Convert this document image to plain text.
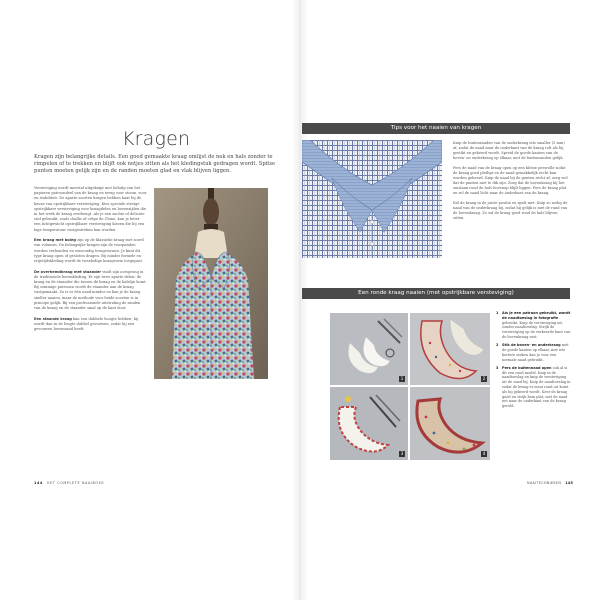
Kragen

Kragen zijn belangrijke details. Een goed gemaakte kraag omlijst de nek en hals zonder te rimpelen of te trekken en blijft ook netjes zitten als het kledingstuk gedragen wordt. Spitse punten moeten gelijk zijn en de randen moeten glad en vlak blijven liggen.

Versteviging wordt meestal uitgeknipt met behulp van het papieren patroondeel van de kraag en terug voor stoom, voor en stabiliteit. De aparte soorten kragen hebben baat bij de keuze van opstrijkbare versteviging. Kies speciale stevige opstrijkbare versteviging voor kraagdelen en bovenzijden die in het werk de kraag overbrugt. Als je een zachte of delicate stof gebruikt, zoals challis of crêpe de Chine, kun je beter een lichtgewicht opstrijkbare versteviging kiezen die bij een lage temperatuur vastgestreken kan worden.

Een kraag met boleg zijn op de klassieke kraag met zowel van volumes. De belangrijke kragen zijn de voorpanden worden verbonden en eenvoudig terugvouwen. Je kunt dit type kraag open of gesloten dragen. Bij minder formele en vrijetijdskleding wordt de tweeledige kraagvorm toegepast.

De overhemdkraag met staander vindt zijn oorsprong in de traditionele herenkleding. Er zijn twee aparte delen: de kraag en de staander die tussen de kraag en de halslijn komt. Bij sommige patronen wordt de staander aan de kraag vastgemaakt. Zo is er één naad minder en kan je de kraag sneller naaien, maar de methode voor beide soorten is in principe gelijk. Bij een professionele uitstraling de randen van de kraag en de staander smal op de kant door.

Een staande kraag kan een dubbele hoogte hebben; hij wordt dan in de lengte dubbel gevouwen, zodat hij een gevouwen bovenrand heeft.

144 HET COMPLETE NAAIBOEK
Tips voor het naaien van kragen

Knip de buitenranden van de onderkraag iets smaller (3 mm) af, zodat de naad naar de onderkant van de kraag rolt als hij gestikt en gekeerd wordt. Spreid de goede kanten van de boven- en onderkraag op elkaar, met de buitenranden gelijk.

Pers de naad van de kraag open op een kleine persrolle zodat de kraag goed platligt en de naad gemakkelijk recht kan worden gekeerd. Knip de naad bij de punten recht af; zorg wel dat de punten niet te dik zijn. Zorg dat de bovenkraag bij het omslaan rond de hals bovenop blijft liggen. Pers de kraag plat en rol de naad licht naar de onderkant van de kraag.

Rol de kraag in de juiste positie en spelt met. Knip zo nodig de naad van de onderkraag bij, zodat hij gelijk is met de rand van de bovenkraag. Zo zal de kraag goed rond de hals blijven zitten.

Een ronde kraag naaien (met opstrijkbare versteviging)
1	2
3	4
1 Als je een patroon gebruikt, wordt de naadtoeslag in fotografie gebruikt. Knip de versteviging uit, zonder naadtoeslag. Strijk de versteviging op de verkeerde kant van de bovenkraag vast.
2 Stik de boven- en onderkraag met de goede kanten op elkaar, met iets kortere steken dan je voor een normale naad gebruikt.
3 Pers de buitennaad open ook al is dit een rond model. Knip in de naadtoeslag en knip de versteviging uit de naad bij. Knip de naadtoeslag in zodat de kraag er mooi rond uit komt als hij gekeerd wordt. Keer de kraag goed en strijk hem plat, met de naad net naar de onderkant van de kraag gerold.
NAAITECHNIEKEN 145
